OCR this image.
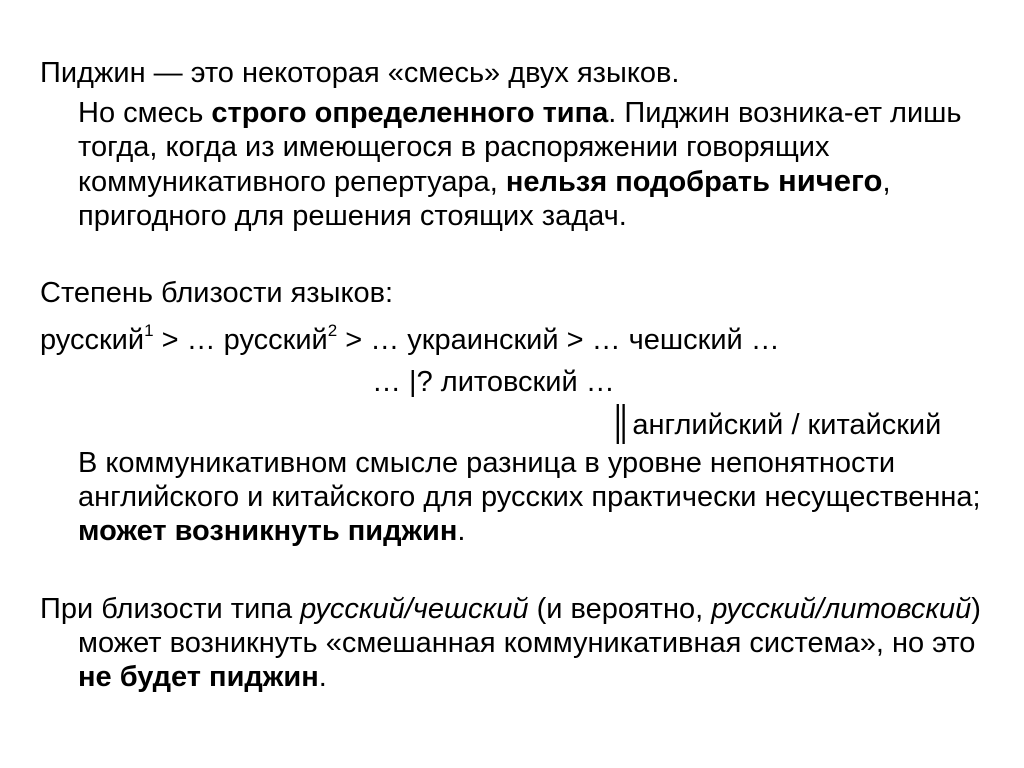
Пиджин — это некоторая «смесь» двух языков.
Но смесь строго определенного типа. Пиджин возника-ет лишь тогда, когда из имеющегося в распоряжении говорящих коммуникативного репертуара, нельзя подобрать ничего, пригодного для решения стоящих задач.
Степень близости языков:
русский$^1$ > … русский$^2$ > … украинский > … чешский …
… |? литовский …
║английский / китайский
В коммуникативном смысле разница в уровне непонятности английского и китайского для русских практически несущественна; может возникнуть пиджин.
При близости типа русский/чешский (и вероятно, русский/литовский) может возникнуть «смешанная коммуникативная система», но это не будет пиджин.
